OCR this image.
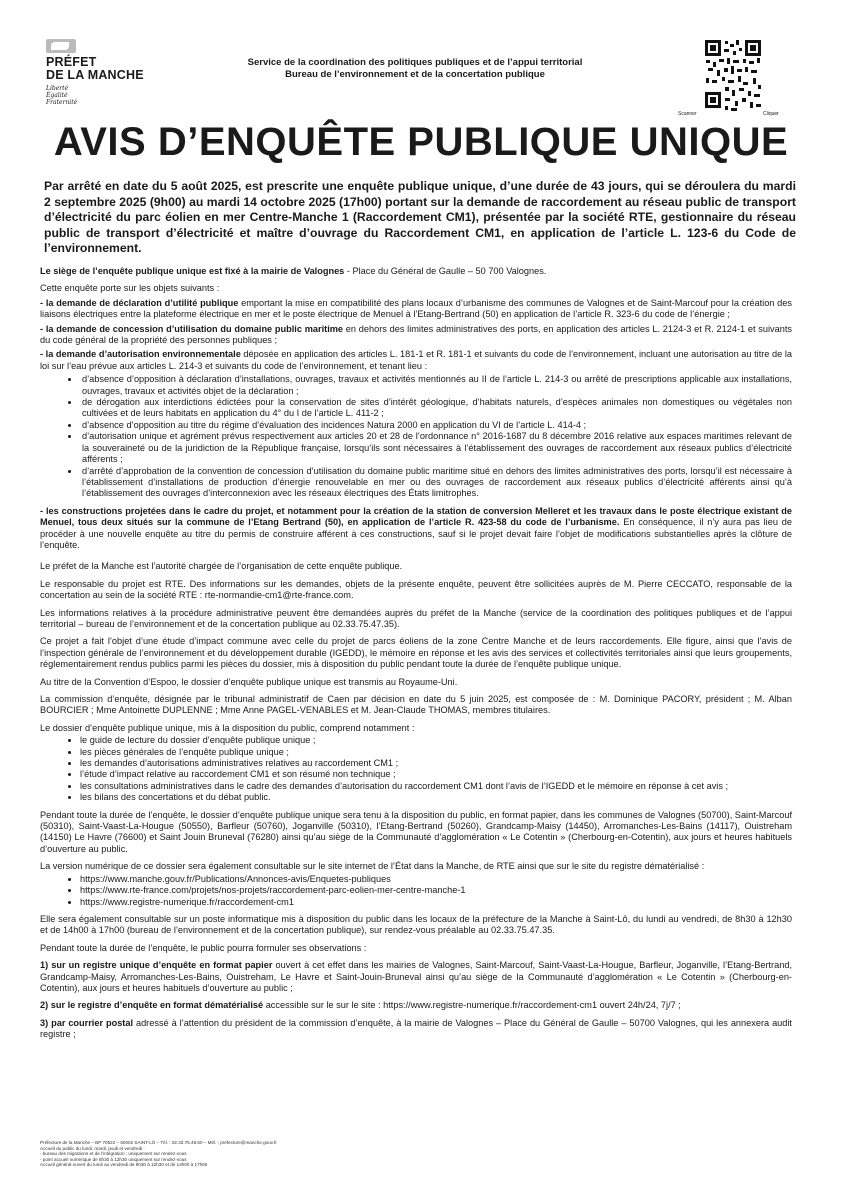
PRÉFET
DE LA MANCHE
Liberté
Égalité
Fraternité
Service de la coordination des politiques publiques et de l’appui territorial
Bureau de l’environnement et de la concertation publique
Scanner	Cliquer
AVIS D’ENQUÊTE PUBLIQUE UNIQUE
Par arrêté en date du 5 août 2025, est prescrite une enquête publique unique, d’une durée de 43 jours, qui se déroulera du mardi 2 septembre 2025 (9h00) au mardi 14 octobre 2025 (17h00) portant sur la demande de raccordement au réseau public de transport d’électricité du parc éolien en mer Centre-Manche 1 (Raccordement CM1), présentée par la société RTE, gestionnaire du réseau public de transport d’électricité et maître d’ouvrage du Raccordement CM1, en application de l’article L. 123-6 du Code de l’environnement.

Le siège de l’enquête publique unique est fixé à la mairie de Valognes - Place du Général de Gaulle – 50 700 Valognes.

Cette enquête porte sur les objets suivants :

- la demande de déclaration d’utilité publique emportant la mise en compatibilité des plans locaux d’urbanisme des communes de Valognes et de Saint-Marcouf pour la création des liaisons électriques entre la plateforme électrique en mer et le poste électrique de Menuel à l’Etang-Bertrand (50) en application de l’article R. 323-6 du code de l’énergie ;

- la demande de concession d’utilisation du domaine public maritime en dehors des limites administratives des ports, en application des articles L. 2124-3 et R. 2124-1 et suivants du code général de la propriété des personnes publiques ;

- la demande d’autorisation environnementale déposée en application des articles L. 181-1 et R. 181-1 et suivants du code de l’environnement, incluant une autorisation au titre de la loi sur l’eau prévue aux articles L. 214-3 et suivants du code de l’environnement, et tenant lieu :

• d’absence d’opposition à déclaration d’installations, ouvrages, travaux et activités mentionnés au II de l’article L. 214-3 ou arrêté de prescriptions applicable aux installations, ouvrages, travaux et activités objet de la déclaration ;
• de dérogation aux interdictions édictées pour la conservation de sites d’intérêt géologique, d’habitats naturels, d’espèces animales non domestiques ou végétales non cultivées et de leurs habitats en application du 4° du I de l’article L. 411-2 ;
• d’absence d’opposition au titre du régime d’évaluation des incidences Natura 2000 en application du VI de l’article L. 414-4 ;
• d’autorisation unique et agrément prévus respectivement aux articles 20 et 28 de l’ordonnance n° 2016-1687 du 8 décembre 2016 relative aux espaces maritimes relevant de la souveraineté ou de la juridiction de la République française, lorsqu’ils sont nécessaires à l’établissement des ouvrages de raccordement aux réseaux publics d’électricité afférents ;
• d’arrêté d’approbation de la convention de concession d’utilisation du domaine public maritime situé en dehors des limites administratives des ports, lorsqu’il est nécessaire à l’établissement d’installations de production d’énergie renouvelable en mer ou des ouvrages de raccordement aux réseaux publics d’électricité afférents ainsi qu’à l’établissement des ouvrages d’interconnexion avec les réseaux électriques des États limitrophes.

- les constructions projetées dans le cadre du projet, et notamment pour la création de la station de conversion Melleret et les travaux dans le poste électrique existant de Menuel, tous deux situés sur la commune de l’Etang Bertrand (50), en application de l’article R. 423-58 du code de l’urbanisme. En conséquence, il n’y aura pas lieu de procéder à une nouvelle enquête au titre du permis de construire afférent à ces constructions, sauf si le projet devait faire l’objet de modifications substantielles après la clôture de l’enquête.

Le préfet de la Manche est l’autorité chargée de l’organisation de cette enquête publique.

Le responsable du projet est RTE. Des informations sur les demandes, objets de la présente enquête, peuvent être sollicitées auprès de M. Pierre CECCATO, responsable de la concertation au sein de la société RTE : rte-normandie-cm1@rte-france.com.

Les informations relatives à la procédure administrative peuvent être demandées auprès du préfet de la Manche (service de la coordination des politiques publiques et de l’appui territorial – bureau de l’environnement et de la concertation publique au 02.33.75.47.35).

Ce projet a fait l’objet d’une étude d’impact commune avec celle du projet de parcs éoliens de la zone Centre Manche et de leurs raccordements. Elle figure, ainsi que l’avis de l’inspection générale de l’environnement et du développement durable (IGEDD), le mémoire en réponse et les avis des services et collectivités territoriales ainsi que leurs groupements, réglementairement rendus publics parmi les pièces du dossier, mis à disposition du public pendant toute la durée de l’enquête publique unique.

Au titre de la Convention d’Espoo, le dossier d’enquête publique unique est transmis au Royaume-Uni.

La commission d’enquête, désignée par le tribunal administratif de Caen par décision en date du 5 juin 2025, est composée de : M. Dominique PACORY, président ; M. Alban BOURCIER ; Mme Antoinette DUPLENNE ; Mme Anne PAGEL-VENABLES et M. Jean-Claude THOMAS, membres titulaires.

Le dossier d’enquête publique unique, mis à la disposition du public, comprend notamment :

• le guide de lecture du dossier d’enquête publique unique ;
• les pièces générales de l’enquête publique unique ;
• les demandes d’autorisations administratives relatives au raccordement CM1 ;
• l’étude d’impact relative au raccordement CM1 et son résumé non technique ;
• les consultations administratives dans le cadre des demandes d’autorisation du raccordement CM1 dont l’avis de l’IGEDD et le mémoire en réponse à cet avis ;
• les bilans des concertations et du débat public.

Pendant toute la durée de l’enquête, le dossier d’enquête publique unique sera tenu à la disposition du public, en format papier, dans les communes de Valognes (50700), Saint-Marcouf (50310), Saint-Vaast-La-Hougue (50550), Barfleur (50760), Joganville (50310), l’Etang-Bertrand (50260), Grandcamp-Maisy (14450), Arromanches-Les-Bains (14117), Ouistreham (14150) Le Havre (76600) et Saint Jouin Bruneval (76280) ainsi qu’au siège de la Communauté d’agglomération « Le Cotentin » (Cherbourg-en-Cotentin), aux jours et heures habituels d’ouverture au public.

La version numérique de ce dossier sera également consultable sur le site internet de l’État dans la Manche, de RTE ainsi que sur le site du registre dématérialisé :

• https://www.manche.gouv.fr/Publications/Annonces-avis/Enquetes-publiques
• https://www.rte-france.com/projets/nos-projets/raccordement-parc-eolien-mer-centre-manche-1
• https://www.registre-numerique.fr/raccordement-cm1

Elle sera également consultable sur un poste informatique mis à disposition du public dans les locaux de la préfecture de la Manche à Saint-Lô, du lundi au vendredi, de 8h30 à 12h30 et de 14h00 à 17h00 (bureau de l’environnement et de la concertation publique), sur rendez-vous préalable au 02.33.75.47.35.

Pendant toute la durée de l’enquête, le public pourra formuler ses observations :

1) sur un registre unique d’enquête en format papier ouvert à cet effet dans les mairies de Valognes, Saint-Marcouf, Saint-Vaast-La-Hougue, Barfleur, Joganville, l’Etang-Bertrand, Grandcamp-Maisy, Arromanches-Les-Bains, Ouistreham, Le Havre et Saint-Jouin-Bruneval ainsi qu’au siège de la Communauté d’agglomération « Le Cotentin » (Cherbourg-en-Cotentin), aux jours et heures habituels d’ouverture au public ;

2) sur le registre d’enquête en format dématérialisé accessible sur le sur le site : https://www.registre-numerique.fr/raccordement-cm1 ouvert 24h/24, 7j/7 ;

3) par courrier postal adressé à l’attention du président de la commission d’enquête, à la mairie de Valognes – Place du Général de Gaulle – 50700 Valognes, qui les annexera audit registre ;

Préfecture de la Manche – BP 70522 – 50002 SAINT-LÔ – Tél. : 02.33.75.49.50 – Mél. : prefecture@manche.gouv.fr
Accueil du public du lundi, mardi, jeudi et vendredi :
- bureau des migrations et de l’intégration : uniquement sur rendez-vous
- point accueil numérique de 8h30 à 12h30 uniquement sur rendez-vous
Accueil général ouvert du lundi au vendredi de 8h30 à 12h30 et de 14h00 à 17h00
